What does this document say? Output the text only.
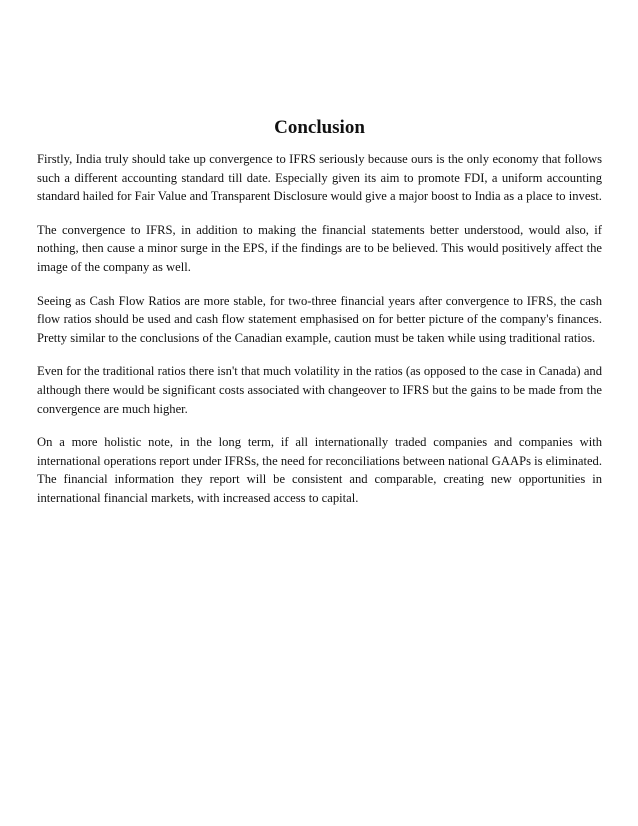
Conclusion

Firstly, India truly should take up convergence to IFRS seriously because ours is the only economy that follows such a different accounting standard till date. Especially given its aim to promote FDI, a uniform accounting standard hailed for Fair Value and Transparent Disclosure would give a major boost to India as a place to invest.

The convergence to IFRS, in addition to making the financial statements better understood, would also, if nothing, then cause a minor surge in the EPS, if the findings are to be believed. This would positively affect the image of the company as well.

Seeing as Cash Flow Ratios are more stable, for two-three financial years after convergence to IFRS, the cash flow ratios should be used and cash flow statement emphasised on for better picture of the company's finances. Pretty similar to the conclusions of the Canadian example, caution must be taken while using traditional ratios.

Even for the traditional ratios there isn't that much volatility in the ratios (as opposed to the case in Canada) and although there would be significant costs associated with changeover to IFRS but the gains to be made from the convergence are much higher.

On a more holistic note, in the long term, if all internationally traded companies and companies with international operations report under IFRSs, the need for reconciliations between national GAAPs is eliminated. The financial information they report will be consistent and comparable, creating new opportunities in international financial markets, with increased access to capital.
